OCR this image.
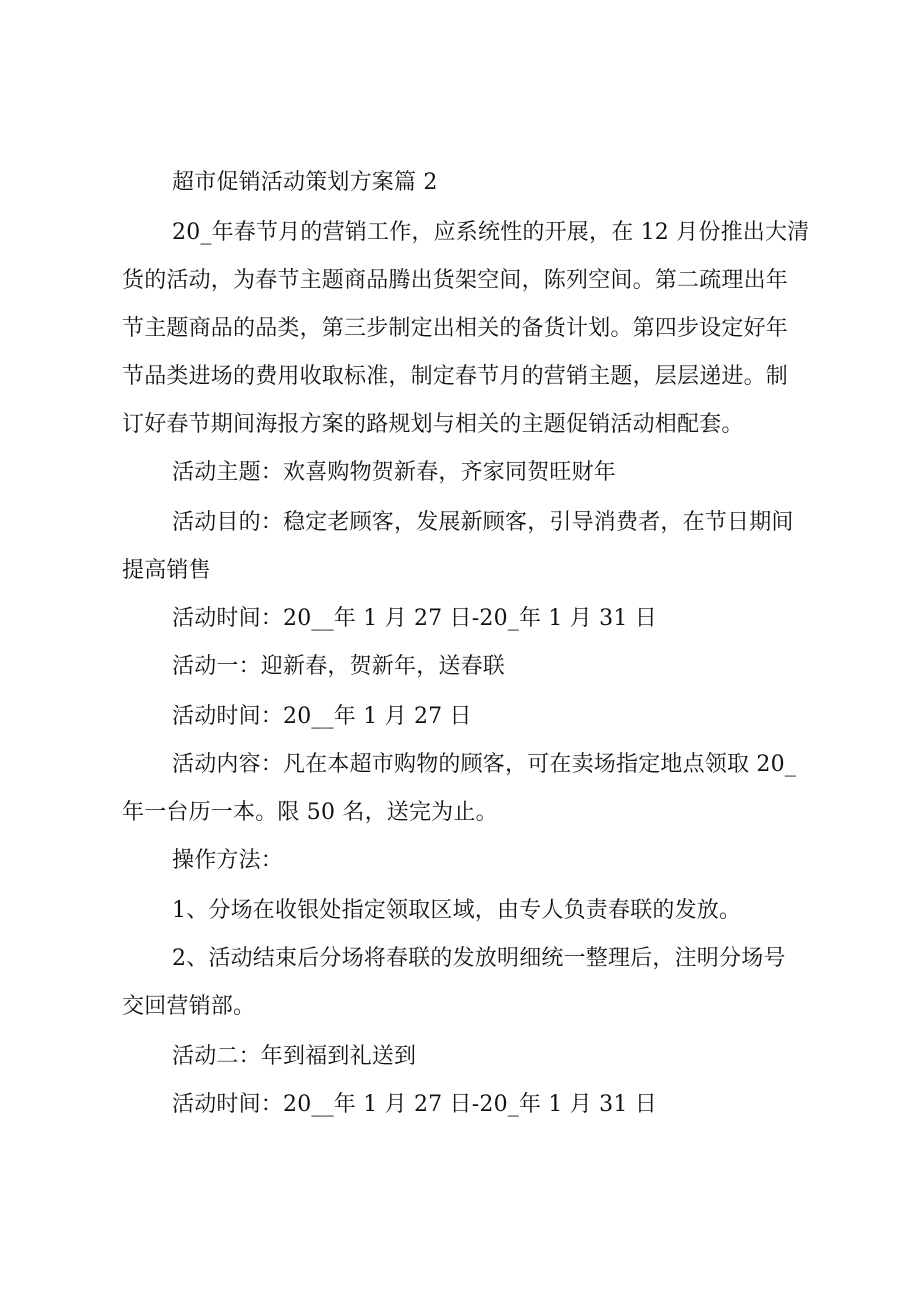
超市促销活动策划方案篇 2
20_年春节月的营销工作，应系统性的开展，在 12 月份推出大清
货的活动，为春节主题商品腾出货架空间，陈列空间。第二疏理出年
节主题商品的品类，第三步制定出相关的备货计划。第四步设定好年
节品类进场的费用收取标准，制定春节月的营销主题，层层递进。制
订好春节期间海报方案的路规划与相关的主题促销活动相配套。
活动主题：欢喜购物贺新春，齐家同贺旺财年
活动目的：稳定老顾客，发展新顾客，引导消费者，在节日期间
提高销售
活动时间：20__年 1 月 27 日-20_年 1 月 31 日
活动一：迎新春，贺新年，送春联
活动时间：20__年 1 月 27 日
活动内容：凡在本超市购物的顾客，可在卖场指定地点领取 20_
年一台历一本。限 50 名，送完为止。
操作方法：
1、分场在收银处指定领取区域，由专人负责春联的发放。
2、活动结束后分场将春联的发放明细统一整理后，注明分场号
交回营销部。
活动二：年到福到礼送到
活动时间：20__年 1 月 27 日-20_年 1 月 31 日
